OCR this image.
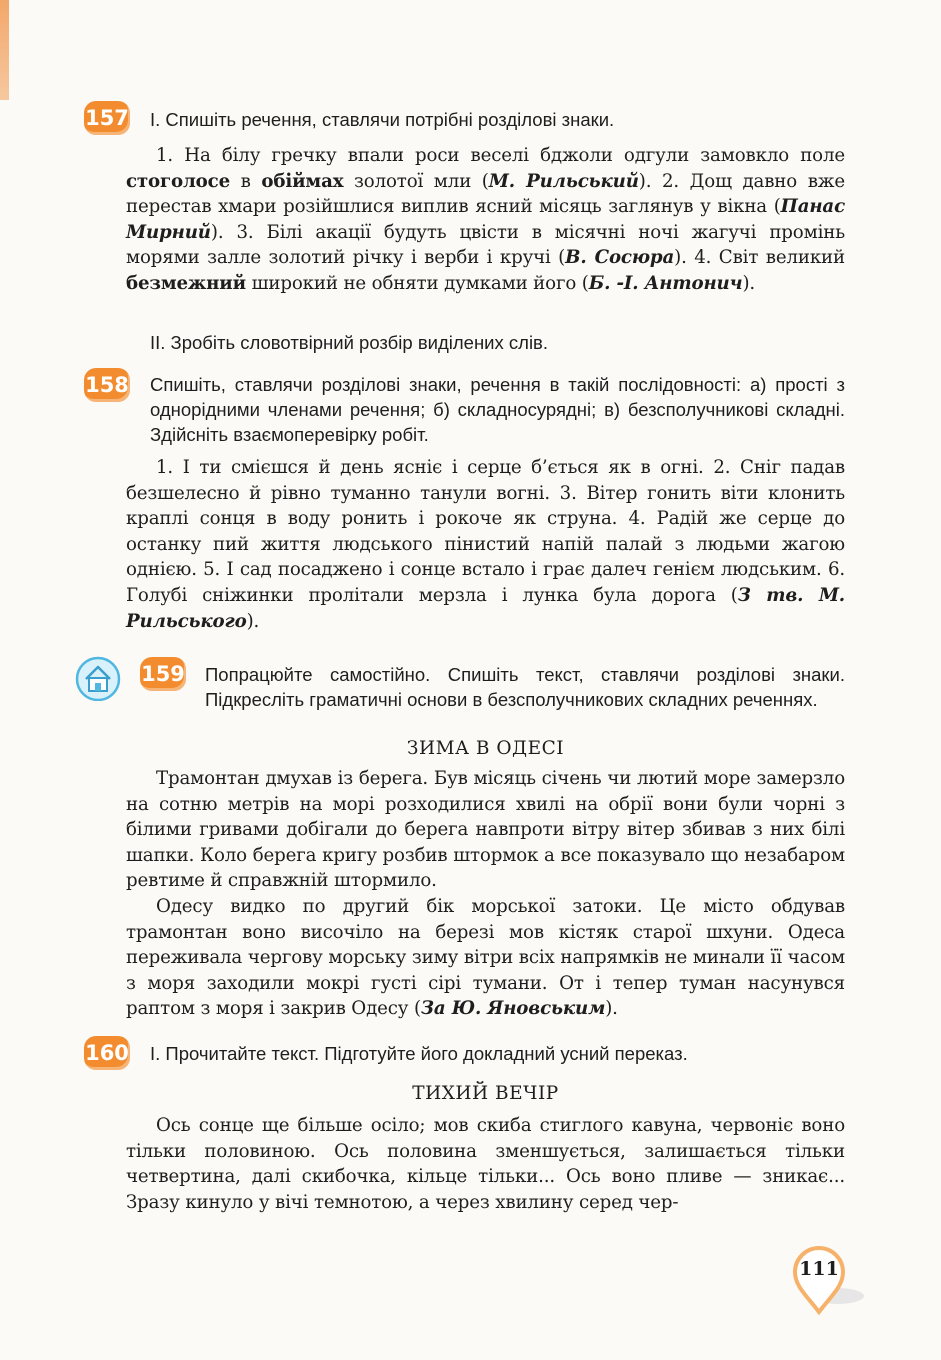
157 І. Спишіть речення, ставлячи потрібні розділові знаки.

1. На білу гречку впали роси веселі бджоли одгули замовкло поле стоголосе в обіймах золотої мли (М. Рильський). 2. Дощ давно вже перестав хмари розійшлися виплив ясний місяць заглянув у вікна (Панас Мирний). 3. Білі акації будуть цвісти в місячні ночі жагучі промінь морями залле золотий річку і верби і кручі (В. Сосюра). 4. Світ великий безмежний широкий не обняти думками його (Б. -І. Антонич).

ІІ. Зробіть словотвірний розбір виділених слів.

158 Спишіть, ставлячи розділові знаки, речення в такій послідовності: а) прості з однорідними членами речення; б) складносурядні; в) безсполучникові складні. Здійсніть взаємоперевірку робіт.

1. І ти смієшся й день ясніє і серце б’ється як в огні. 2. Сніг падав безшелесно й рівно туманно танули вогні. 3. Вітер гонить віти клонить краплі сонця в воду ронить і рокоче як струна. 4. Радій же серце до останку пий життя людського пінистий напій палай з людьми жагою однією. 5. І сад посаджено і сонце встало і грає далеч генієм людським. 6. Голубі сніжинки пролітали мерзла і лунка була дорога (З тв. М. Рильського).

159 Попрацюйте самостійно. Спишіть текст, ставлячи розділові знаки. Підкресліть граматичні основи в безсполучникових складних реченнях.

ЗИМА В ОДЕСІ

Трамонтан дмухав із берега. Був місяць січень чи лютий море замерзло на сотню метрів на морі розходилися хвилі на обрії вони були чорні з білими гривами добігали до берега навпроти вітру вітер збивав з них білі шапки. Коло берега кригу розбив штормок а все показувало що незабаром ревтиме й справжній штормило.

Одесу видко по другий бік морської затоки. Це місто обдував трамонтан воно височіло на березі мов кістяк старої шхуни. Одеса переживала чергову морську зиму вітри всіх напрямків не минали її часом з моря заходили мокрі густі сірі тумани. От і тепер туман насунувся раптом з моря і закрив Одесу (За Ю. Яновським).

160 І. Прочитайте текст. Підготуйте його докладний усний переказ.

ТИХИЙ ВЕЧІР

Ось сонце ще більше осіло; мов скиба стиглого кавуна, червоніє воно тільки половиною. Ось половина зменшується, залишається тільки четвертина, далі скибочка, кільце тільки... Ось воно пливе — зникає... Зразу кинуло у вічі темнотою, а через хвилину серед чер-

111
